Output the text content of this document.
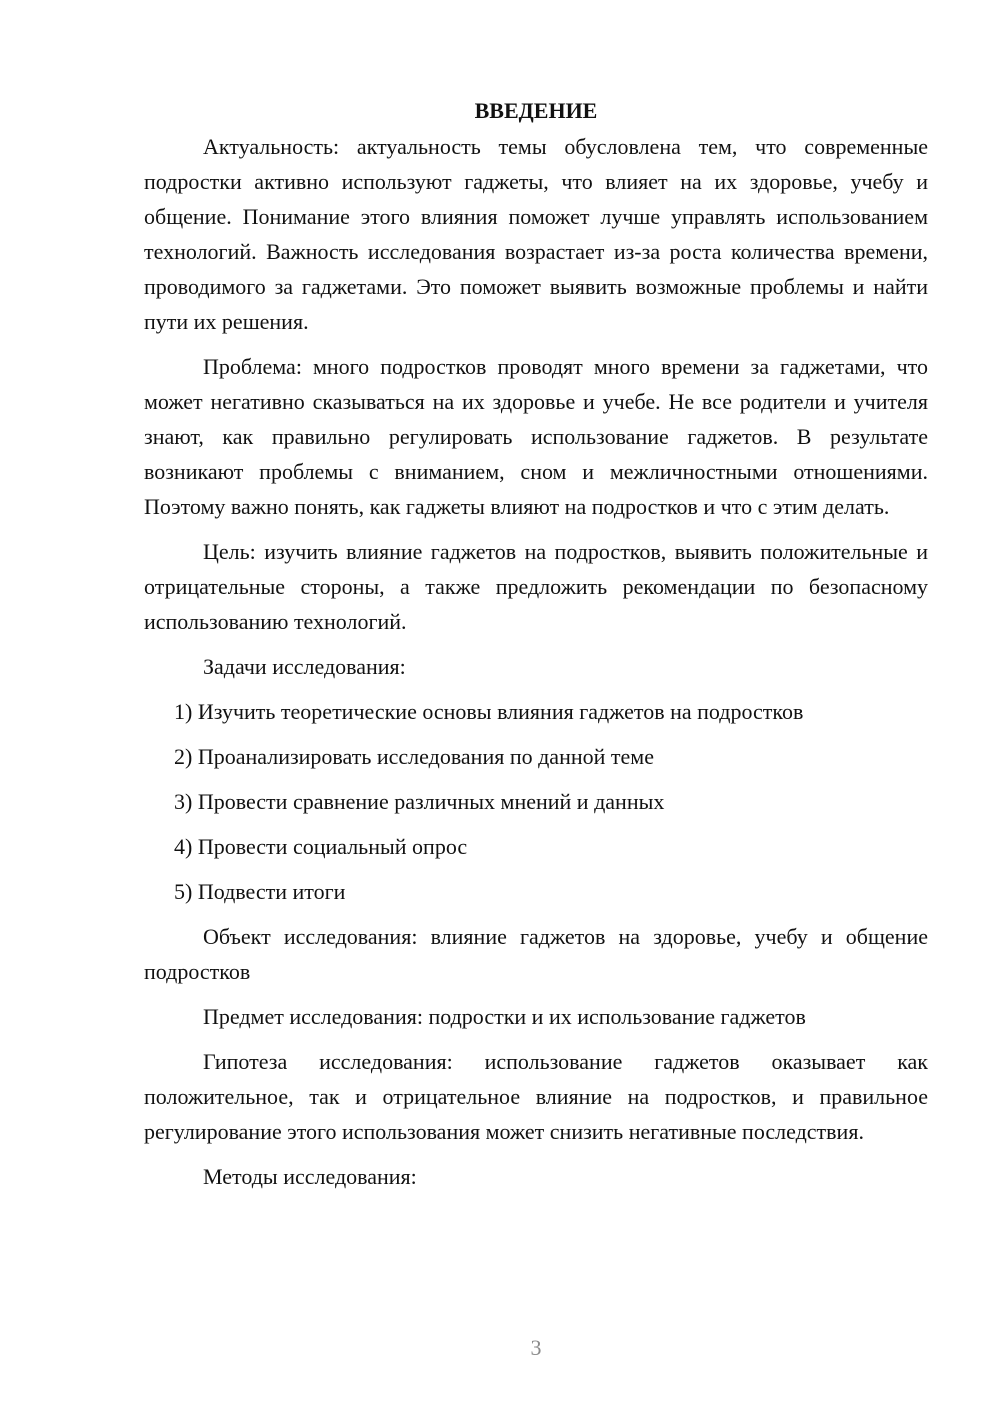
ВВЕДЕНИЕ

Актуальность: актуальность темы обусловлена тем, что современные подростки активно используют гаджеты, что влияет на их здоровье, учебу и общение. Понимание этого влияния поможет лучше управлять использованием технологий. Важность исследования возрастает из-за роста количества времени, проводимого за гаджетами. Это поможет выявить возможные проблемы и найти пути их решения.

Проблема: много подростков проводят много времени за гаджетами, что может негативно сказываться на их здоровье и учебе. Не все родители и учителя знают, как правильно регулировать использование гаджетов. В результате возникают проблемы с вниманием, сном и межличностными отношениями. Поэтому важно понять, как гаджеты влияют на подростков и что с этим делать.

Цель: изучить влияние гаджетов на подростков, выявить положительные и отрицательные стороны, а также предложить рекомендации по безопасному использованию технологий.

Задачи исследования:

1) Изучить теоретические основы влияния гаджетов на подростков
2) Проанализировать исследования по данной теме
3) Провести сравнение различных мнений и данных
4) Провести социальный опрос
5) Подвести итоги

Объект исследования: влияние гаджетов на здоровье, учебу и общение подростков

Предмет исследования: подростки и их использование гаджетов

Гипотеза исследования: использование гаджетов оказывает как положительное, так и отрицательное влияние на подростков, и правильное регулирование этого использования может снизить негативные последствия.

Методы исследования:

3
